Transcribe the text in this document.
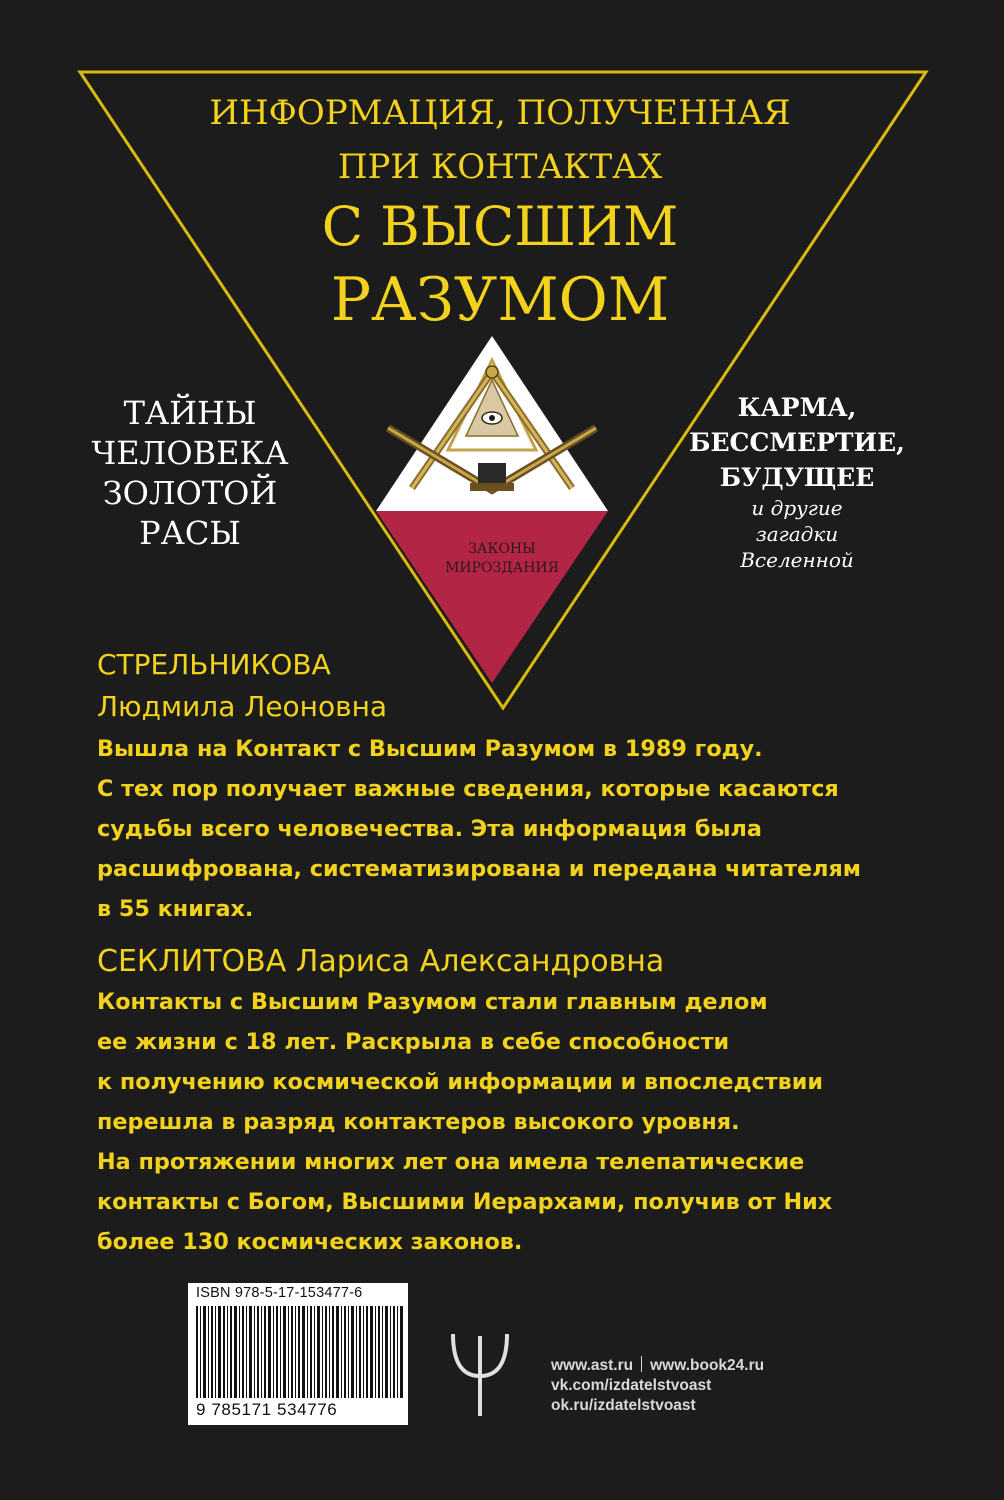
ИНФОРМАЦИЯ, ПОЛУЧЕННАЯ

ПРИ КОНТАКТАХ

С ВЫСШИМ

РАЗУМОМ

ТАЙНЫ
ЧЕЛОВЕКА
ЗОЛОТОЙ
РАСЫ
КАРМА,
БЕССМЕРТИЕ,
БУДУЩЕЕ
и другие
загадки
Вселенной
ЗАКОНЫ
МИРОЗДАНИЯ

СТРЕЛЬНИКОВА

Людмила Леоновна

Вышла на Контакт с Высшим Разумом в 1989 году.
С тех пор получает важные сведения, которые касаются
судьбы всего человечества. Эта информация была
расшифрована, систематизирована и передана читателям
в 55 книгах.

СЕКЛИТОВА Лариса Александровна

Контакты с Высшим Разумом стали главным делом
ее жизни с 18 лет. Раскрыла в себе способности
к получению космической информации и впоследствии
перешла в разряд контактеров высокого уровня.
На протяжении многих лет она имела телепатические
контакты с Богом, Высшими Иерархами, получив от Них
более 130 космических законов.

ISBN 978-5-17-153477-6

9 785171 534776

www.ast.ru www.book24.ru
vk.com/izdatelstvoast
ok.ru/izdatelstvoast
